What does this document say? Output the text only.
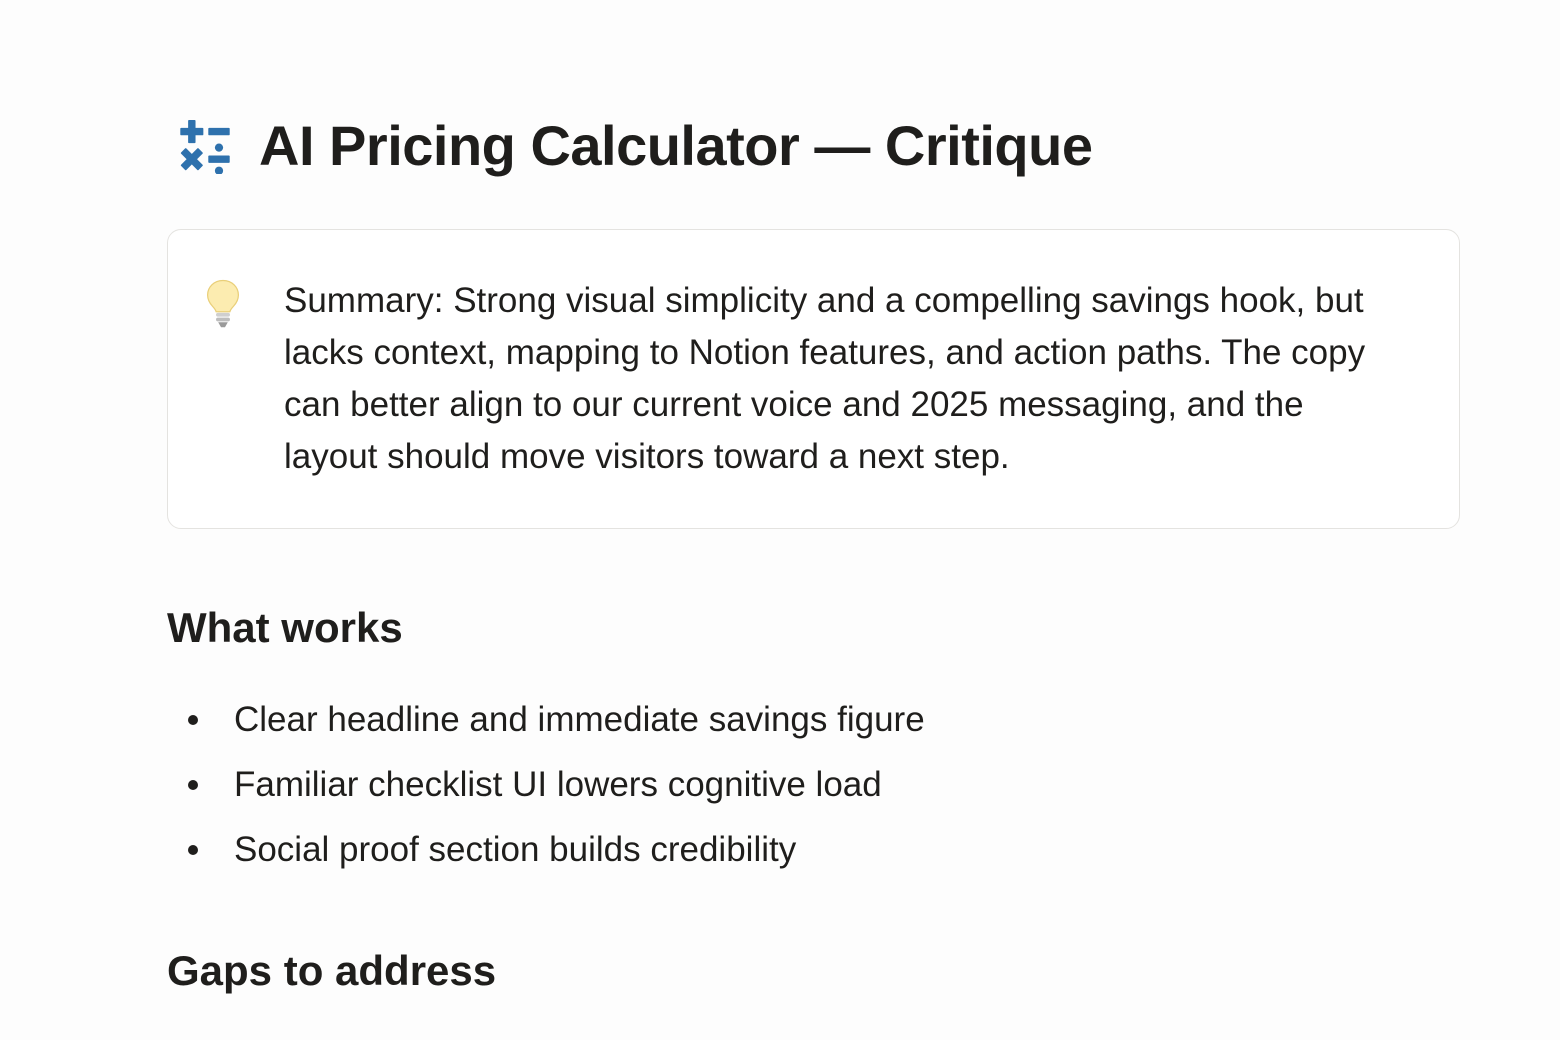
AI Pricing Calculator — Critique

Summary: Strong visual simplicity and a compelling savings hook, but lacks context, mapping to Notion features, and action paths. The copy can better align to our current voice and 2025 messaging, and the layout should move visitors toward a next step.

What works
Clear headline and immediate savings figure
Familiar checklist UI lowers cognitive load
Social proof section builds credibility
Gaps to address
